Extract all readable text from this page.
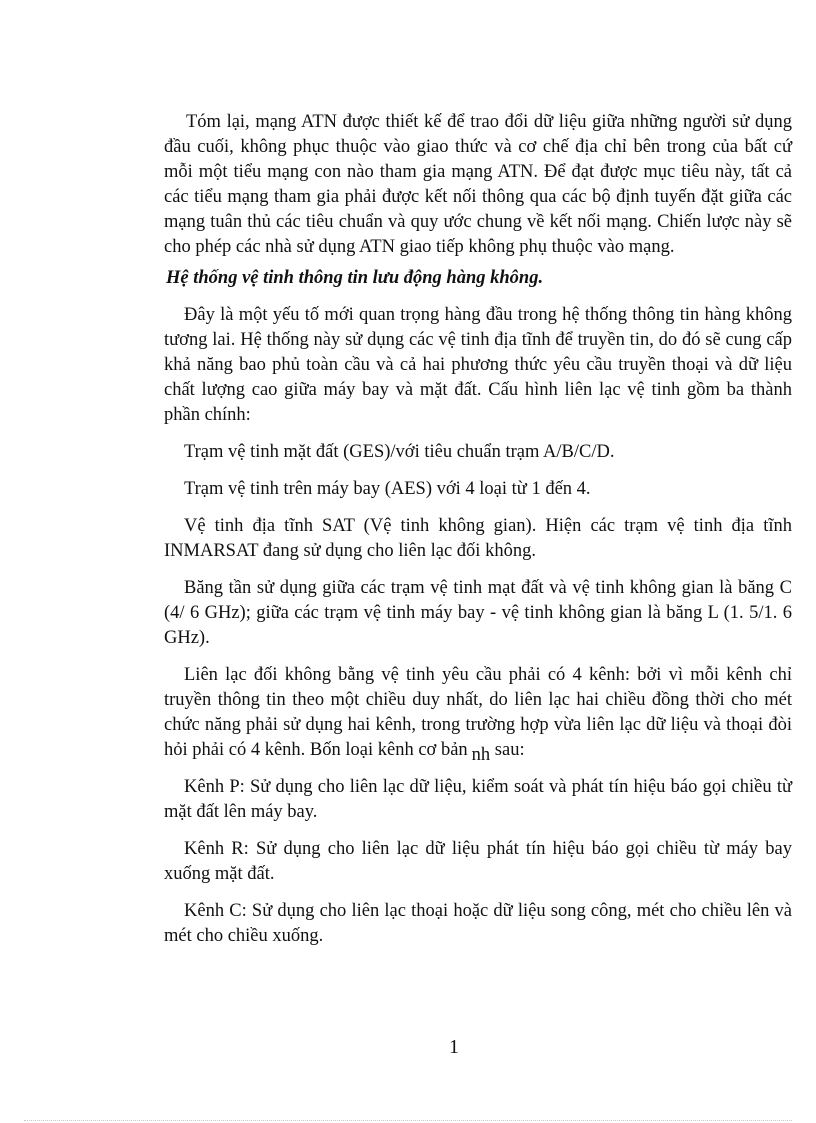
Tóm lại, mạng ATN được thiết kế để trao đổi dữ liệu giữa những người sử dụng đầu cuối, không phục thuộc vào giao thức và cơ chế địa chỉ bên trong của bất cứ mỗi một tiểu mạng con nào tham gia mạng ATN. Để đạt được mục tiêu này, tất cả các tiểu mạng tham gia phải được kết nối thông qua các bộ định tuyến đặt giữa các mạng tuân thủ các tiêu chuẩn và quy ước chung về kết nối mạng. Chiến lược này sẽ cho phép các nhà sử dụng ATN giao tiếp không phụ thuộc vào mạng.

Hệ thống vệ tinh thông tin lưu động hàng không.

Đây là một yếu tố mới quan trọng hàng đầu trong hệ thống thông tin hàng không tương lai. Hệ thống này sử dụng các vệ tinh địa tĩnh để truyền tin, do đó sẽ cung cấp khả năng bao phủ toàn cầu và cả hai phương thức yêu cầu truyền thoại và dữ liệu chất lượng cao giữa máy bay và mặt đất. Cấu hình liên lạc vệ tinh gồm ba thành phần chính:

Trạm vệ tinh mặt đất (GES)/với tiêu chuẩn trạm A/B/C/D.

Trạm vệ tinh trên máy bay (AES) với 4 loại từ 1 đến 4.

Vệ tinh địa tĩnh SAT (Vệ tinh không gian). Hiện các trạm vệ tinh địa tĩnh INMARSAT đang sử dụng cho liên lạc đối không.

Băng tần sử dụng giữa các trạm vệ tinh mạt đất và vệ tinh không gian là băng C (4/ 6 GHz); giữa các trạm vệ tinh máy bay - vệ tinh không gian là băng L (1. 5/1. 6 GHz).

Liên lạc đối không bằng vệ tinh yêu cầu phải có 4 kênh: bởi vì mỗi kênh chỉ truyền thông tin theo một chiều duy nhất, do liên lạc hai chiều đồng thời cho mét chức năng phải sử dụng hai kênh, trong trường hợp vừa liên lạc dữ liệu và thoại đòi hỏi phải có 4 kênh. Bốn loại kênh cơ bản nh sau:

Kênh P: Sử dụng cho liên lạc dữ liệu, kiểm soát và phát tín hiệu báo gọi chiều từ mặt đất lên máy bay.

Kênh R: Sử dụng cho liên lạc dữ liệu phát tín hiệu báo gọi chiều từ máy bay xuống mặt đất.

Kênh C: Sử dụng cho liên lạc thoại hoặc dữ liệu song công, mét cho chiều lên và mét cho chiều xuống.

1
